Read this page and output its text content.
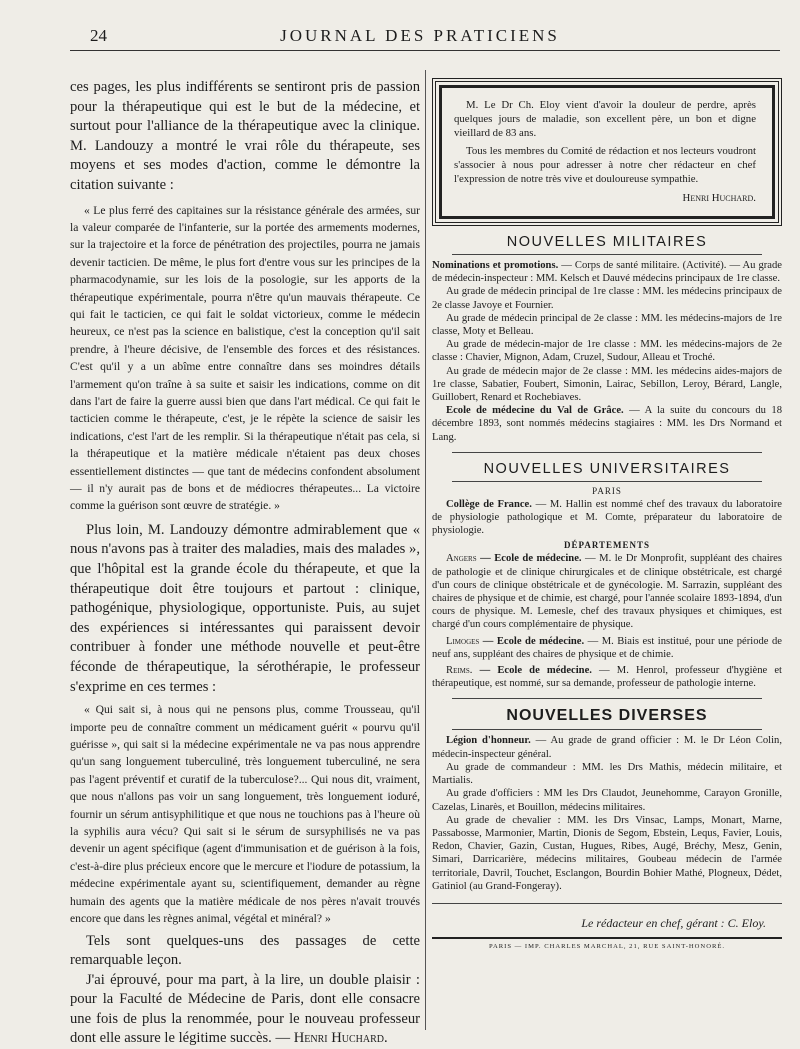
24	JOURNAL DES PRATICIENS

ces pages, les plus indifférents se sentiront pris de passion pour la thérapeutique qui est le but de la médecine, et surtout pour l'alliance de la thérapeutique avec la clinique. M. Landouzy a montré le vrai rôle du thérapeute, ses moyens et ses modes d'action, comme le démontre la citation suivante :

« Le plus ferré des capitaines sur la résistance générale des armées, sur la valeur comparée de l'infanterie, sur la portée des armements modernes, sur la trajectoire et la force de pénétration des projectiles, pourra ne jamais devenir tacticien. De même, le plus fort d'entre vous sur les principes de la pharmacodynamie, sur les lois de la posologie, sur les apports de la thérapeutique expérimentale, pourra n'être qu'un mauvais thérapeute. Ce qui fait le tacticien, ce qui fait le soldat victorieux, comme le médecin heureux, ce n'est pas la science en balistique, c'est la conception qu'il sait prendre, à l'heure décisive, de l'ensemble des forces et des résistances. C'est qu'il y a un abîme entre connaître dans ses moindres détails l'armement qu'on traîne à sa suite et saisir les indications, comme on dit dans l'art de faire la guerre aussi bien que dans l'art médical. Ce qui fait le tacticien comme le thérapeute, c'est, je le répète la science de saisir les indications, c'est l'art de les remplir. Si la thérapeutique n'était pas cela, si la thérapeutique et la matière médicale n'étaient pas deux choses essentiellement distinctes — que tant de médecins confondent absolument — il n'y aurait pas de bons et de médiocres thérapeutes... La victoire comme la guérison sont œuvre de stratégie. »

Plus loin, M. Landouzy démontre admirablement que « nous n'avons pas à traiter des maladies, mais des malades », que l'hôpital est la grande école du thérapeute, et que la thérapeutique doit être toujours et partout : clinique, pathogénique, physiologique, opportuniste. Puis, au sujet des expériences si intéressantes qui paraissent devoir contribuer à fonder une méthode nouvelle et peut-être féconde de thérapeutique, la sérothérapie, le professeur s'exprime en ces termes :

« Qui sait si, à nous qui ne pensons plus, comme Trousseau, qu'il importe peu de connaître comment un médicament guérit « pourvu qu'il guérisse », qui sait si la médecine expérimentale ne va pas nous apprendre qu'un sang longuement tuberculiné, très longuement tuberculiné, ne sera pas l'agent préventif et curatif de la tuberculose?... Qui nous dit, vraiment, que nous n'allons pas voir un sang longuement, très longuement ioduré, fournir un sérum antisyphilitique et que nous ne touchions pas à l'heure où la syphilis aura vécu? Qui sait si le sérum de sursyphilisés ne va pas devenir un agent spécifique (agent d'immunisation et de guérison à la fois, c'est-à-dire plus précieux encore que le mercure et l'iodure de potassium, la médecine expérimentale ayant su, scientifiquement, demander au règne humain des agents que la matière médicale de nos pères n'avait trouvés encore que dans les règnes animal, végétal et minéral? »

Tels sont quelques-uns des passages de cette remarquable leçon.

J'ai éprouvé, pour ma part, à la lire, un double plaisir : pour la Faculté de Médecine de Paris, dont elle consacre une fois de plus la renommée, pour le nouveau professeur dont elle assure le légitime succès. — Henri Huchard.

M. Le Dr Ch. Eloy vient d'avoir la douleur de perdre, après quelques jours de maladie, son excellent père, un bon et digne vieillard de 83 ans.

Tous les membres du Comité de rédaction et nos lecteurs voudront s'associer à nous pour adresser à notre cher rédacteur en chef l'expression de notre très vive et douloureuse sympathie.

Henri Huchard.
NOUVELLES MILITAIRES

Nominations et promotions. — Corps de santé militaire. (Activité). — Au grade de médecin-inspecteur : MM. Kelsch et Dauvé médecins principaux de 1re classe.

Au grade de médecin principal de 1re classe : MM. les médecins principaux de 2e classe Javoye et Fournier.

Au grade de médecin principal de 2e classe : MM. les médecins-majors de 1re classe, Moty et Belleau.

Au grade de médecin-major de 1re classe : MM. les médecins-majors de 2e classe : Chavier, Mignon, Adam, Cruzel, Sudour, Alleau et Troché.

Au grade de médecin major de 2e classe : MM. les médecins aides-majors de 1re classe, Sabatier, Foubert, Simonin, Lairac, Sebillon, Leroy, Bérard, Langle, Guillobert, Renard et Rochebiaves.

Ecole de médecine du Val de Grâce. — A la suite du concours du 18 décembre 1893, sont nommés médecins stagiaires : MM. les Drs Normand et Lang.

NOUVELLES UNIVERSITAIRES
PARIS

Collège de France. — M. Hallin est nommé chef des travaux du laboratoire de physiologie pathologique et M. Comte, préparateur du laboratoire de physiologie.

DÉPARTEMENTS

Angers — Ecole de médecine. — M. le Dr Monprofit, suppléant des chaires de pathologie et de clinique chirurgicales et de clinique obstétricale, est chargé d'un cours de clinique obstétricale et de gynécologie. M. Sarrazin, suppléant des chaires de physique et de chimie, est chargé, pour l'année scolaire 1893-1894, d'un cours de physique. M. Lemesle, chef des travaux physiques et chimiques, est chargé d'un cours complémentaire de physique.

Limoges — Ecole de médecine. — M. Biais est institué, pour une période de neuf ans, suppléant des chaires de physique et de chimie.

Reims. — Ecole de médecine. — M. Henrol, professeur d'hygiène et thérapeutique, est nommé, sur sa demande, professeur de pathologie interne.

NOUVELLES DIVERSES

Légion d'honneur. — Au grade de grand officier : M. le Dr Léon Colin, médecin-inspecteur général.

Au grade de commandeur : MM. les Drs Mathis, médecin militaire, et Martialis.

Au grade d'officiers : MM les Drs Claudot, Jeunehomme, Carayon Gronille, Cazelas, Linarès, et Bouillon, médecins militaires.

Au grade de chevalier : MM. les Drs Vinsac, Lamps, Monart, Marne, Passabosse, Marmonier, Martin, Dionis de Segom, Ebstein, Lequs, Favier, Louis, Redon, Chavier, Gazin, Custan, Hugues, Ribes, Augé, Bréchy, Mesz, Genin, Simari, Darricarière, médecins militaires, Goubeau médecin de l'armée territoriale, Davril, Touchet, Esclangon, Bourdin Bohier Mathé, Plogneux, Dédet, Gatiniol (au Grand-Fongeray).

Le rédacteur en chef, gérant : C. Eloy.
PARIS — IMP. CHARLES MARCHAL, 21, RUE SAINT-HONORÉ.
